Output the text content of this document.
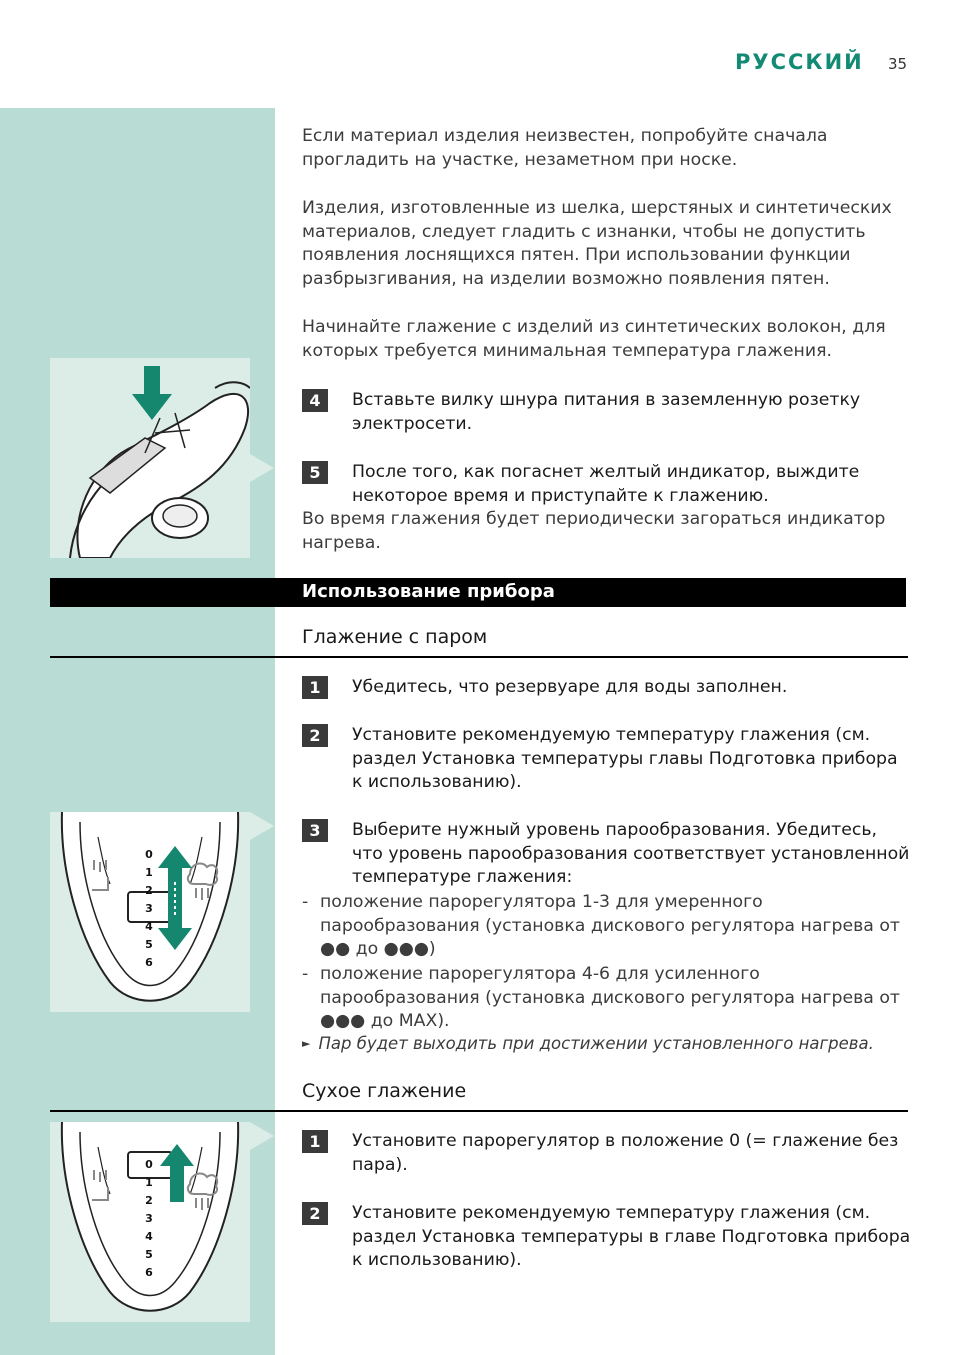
РУССКИЙ 35

Если материал изделия неизвестен, попробуйте сначала прогладить на участке, незаметном при носке.

Изделия, изготовленные из шелка, шерстяных и синтетических материалов, следует гладить с изнанки, чтобы не допустить появления лоснящихся пятен. При использовании функции разбрызгивания, на изделии возможно появления пятен.

Начинайте глажение с изделий из синтетических волокон, для которых требуется минимальная температура глажения.

4	Вставьте вилку шнура питания в заземленную розетку электросети.
5	После того, как погаснет желтый индикатор, выждите некоторое время и приступайте к глажению.

Во время глажения будет периодически загораться индикатор нагрева.

Использование прибора
Глажение с паром
1	Убедитесь, что резервуаре для воды заполнен.
2	Установите рекомендуемую температуру глажения (см. раздел Установка температуры главы Подготовка прибора к использованию).
3	Выберите нужный уровень парообразования. Убедитесь, что уровень парообразования соответствует установленной температуре глажения:
- положение парорегулятора 1-3 для умеренного парообразования (установка дискового регулятора нагрева от ●● до ●●●)
- положение парорегулятора 4-6 для усиленного парообразования (установка дискового регулятора нагрева от ●●● до MAX).
► Пар будет выходить при достижении установленного нагрева.
0
1
2
3
4
5
6
Сухое глажение
1	Установите парорегулятор в положение 0 (= глажение без пара).
2	Установите рекомендуемую температуру глажения (см. раздел Установка температуры в главе Подготовка прибора к использованию).
0
1
2
3
4
5
6
